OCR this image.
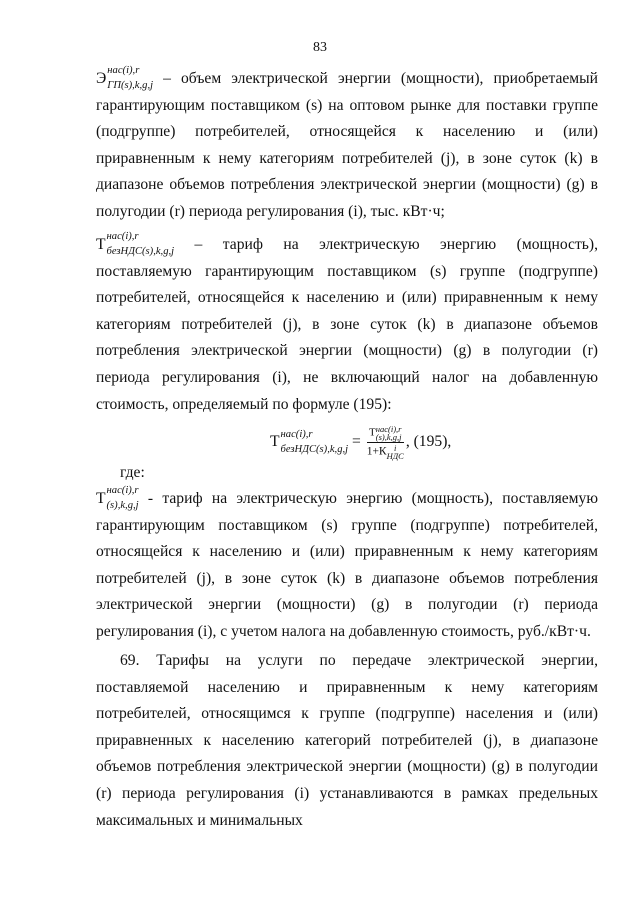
83
Э нас(i),r
ГП(s),k,g,j – объем электрической энергии (мощности), приобретаемый гарантирующим поставщиком (s) на оптовом рынке для поставки группе (подгруппе) потребителей, относящейся к населению и (или) приравненным к нему категориям потребителей (j), в зоне суток (k) в диапазоне объемов потребления электрической энергии (мощности) (g) в полугодии (r) периода регулирования (i), тыс. кВт·ч;
Т нас(i),r
безНДС(s),k,g,j – тариф на электрическую энергию (мощность), поставляемую гарантирующим поставщиком (s) группе (подгруппе) потребителей, относящейся к населению и (или) приравненным к нему категориям потребителей (j), в зоне суток (k) в диапазоне объемов потребления электрической энергии (мощности) (g) в полугодии (r) периода регулирования (i), не включающий налог на добавленную стоимость, определяемый по формуле (195):
Т нас(i),r
безНДС(s),k,g,j = Т нас(i),r
(s),k,g,j
1+К i
НДС , (195),
где:
Т нас(i),r
(s),k,g,j - тариф на электрическую энергию (мощность), поставляемую гарантирующим поставщиком (s) группе (подгруппе) потребителей, относящейся к населению и (или) приравненным к нему категориям потребителей (j), в зоне суток (k) в диапазоне объемов потребления электрической энергии (мощности) (g) в полугодии (r) периода регулирования (i), с учетом налога на добавленную стоимость, руб./кВт·ч.
69. Тарифы на услуги по передаче электрической энергии, поставляемой населению и приравненным к нему категориям потребителей, относящимся к группе (подгруппе) населения и (или) приравненных к населению категорий потребителей (j), в диапазоне объемов потребления электрической энергии (мощности) (g) в полугодии (r) периода регулирования (i) устанавливаются в рамках предельных максимальных и минимальных
